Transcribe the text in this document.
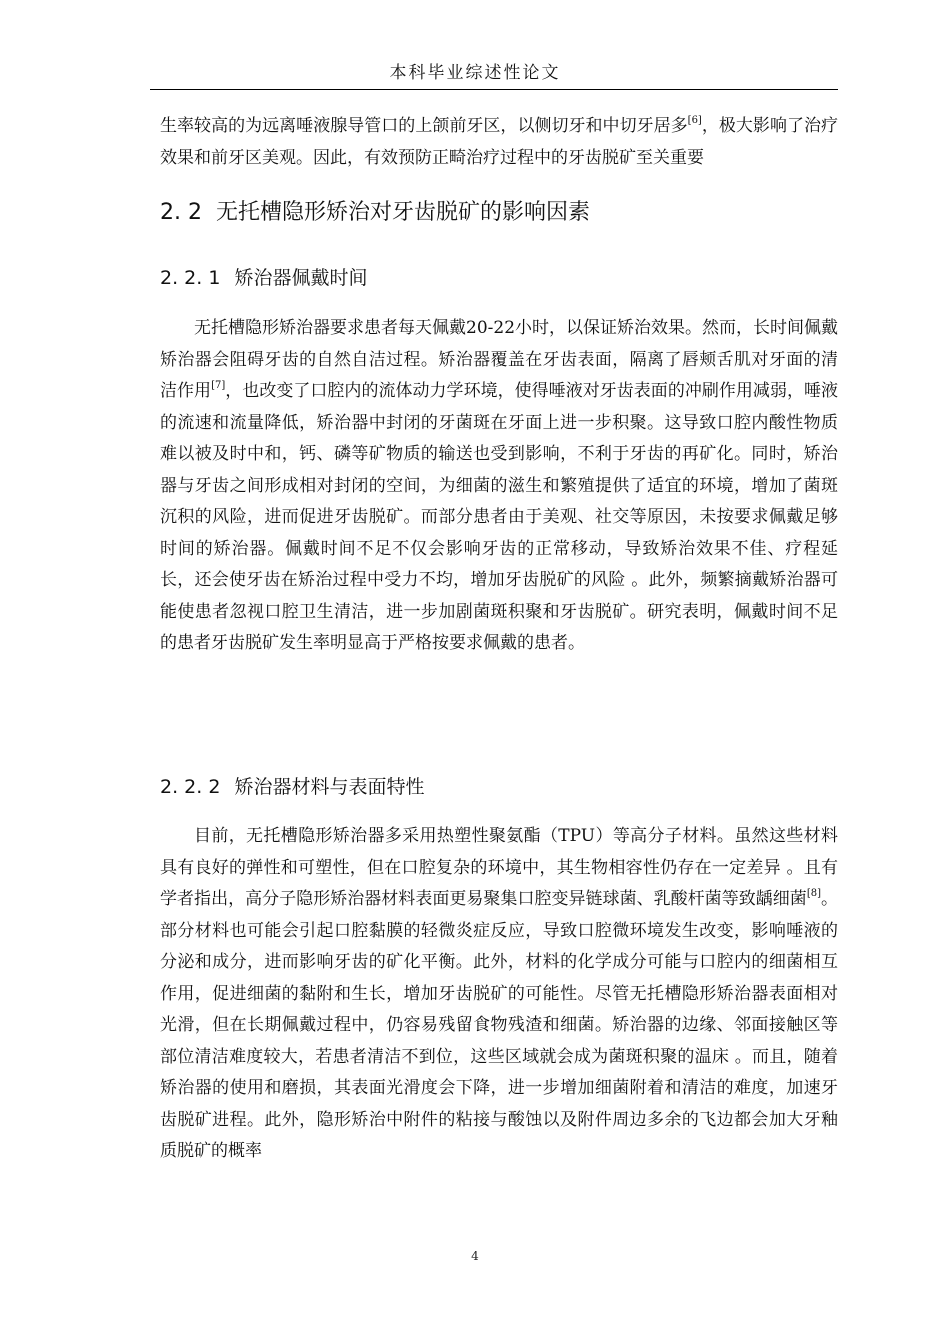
本科毕业综述性论文

生率较高的为远离唾液腺导管口的上颌前牙区，以侧切牙和中切牙居多[6]，极大影响了治疗效果和前牙区美观。因此，有效预防正畸治疗过程中的牙齿脱矿至关重要

2. 2 无托槽隐形矫治对牙齿脱矿的影响因素
2. 2. 1 矫治器佩戴时间

无托槽隐形矫治器要求患者每天佩戴20-22小时，以保证矫治效果。然而，长时间佩戴矫治器会阻碍牙齿的自然自洁过程。矫治器覆盖在牙齿表面，隔离了唇颊舌肌对牙面的清洁作用[7]，也改变了口腔内的流体动力学环境，使得唾液对牙齿表面的冲刷作用减弱，唾液的流速和流量降低，矫治器中封闭的牙菌斑在牙面上进一步积聚。这导致口腔内酸性物质难以被及时中和，钙、磷等矿物质的输送也受到影响，不利于牙齿的再矿化。同时，矫治器与牙齿之间形成相对封闭的空间，为细菌的滋生和繁殖提供了适宜的环境，增加了菌斑沉积的风险，进而促进牙齿脱矿。而部分患者由于美观、社交等原因，未按要求佩戴足够时间的矫治器。佩戴时间不足不仅会影响牙齿的正常移动，导致矫治效果不佳、疗程延长，还会使牙齿在矫治过程中受力不均，增加牙齿脱矿的风险 。此外，频繁摘戴矫治器可能使患者忽视口腔卫生清洁，进一步加剧菌斑积聚和牙齿脱矿。研究表明，佩戴时间不足的患者牙齿脱矿发生率明显高于严格按要求佩戴的患者。

2. 2. 2 矫治器材料与表面特性

目前，无托槽隐形矫治器多采用热塑性聚氨酯（TPU）等高分子材料。虽然这些材料具有良好的弹性和可塑性，但在口腔复杂的环境中，其生物相容性仍存在一定差异 。且有学者指出，高分子隐形矫治器材料表面更易聚集口腔变异链球菌、乳酸杆菌等致龋细菌[8]。部分材料也可能会引起口腔黏膜的轻微炎症反应，导致口腔微环境发生改变，影响唾液的分泌和成分，进而影响牙齿的矿化平衡。此外，材料的化学成分可能与口腔内的细菌相互作用，促进细菌的黏附和生长，增加牙齿脱矿的可能性。尽管无托槽隐形矫治器表面相对光滑，但在长期佩戴过程中，仍容易残留食物残渣和细菌。矫治器的边缘、邻面接触区等部位清洁难度较大，若患者清洁不到位，这些区域就会成为菌斑积聚的温床 。而且，随着矫治器的使用和磨损，其表面光滑度会下降，进一步增加细菌附着和清洁的难度，加速牙齿脱矿进程。此外，隐形矫治中附件的粘接与酸蚀以及附件周边多余的飞边都会加大牙釉质脱矿的概率

4
